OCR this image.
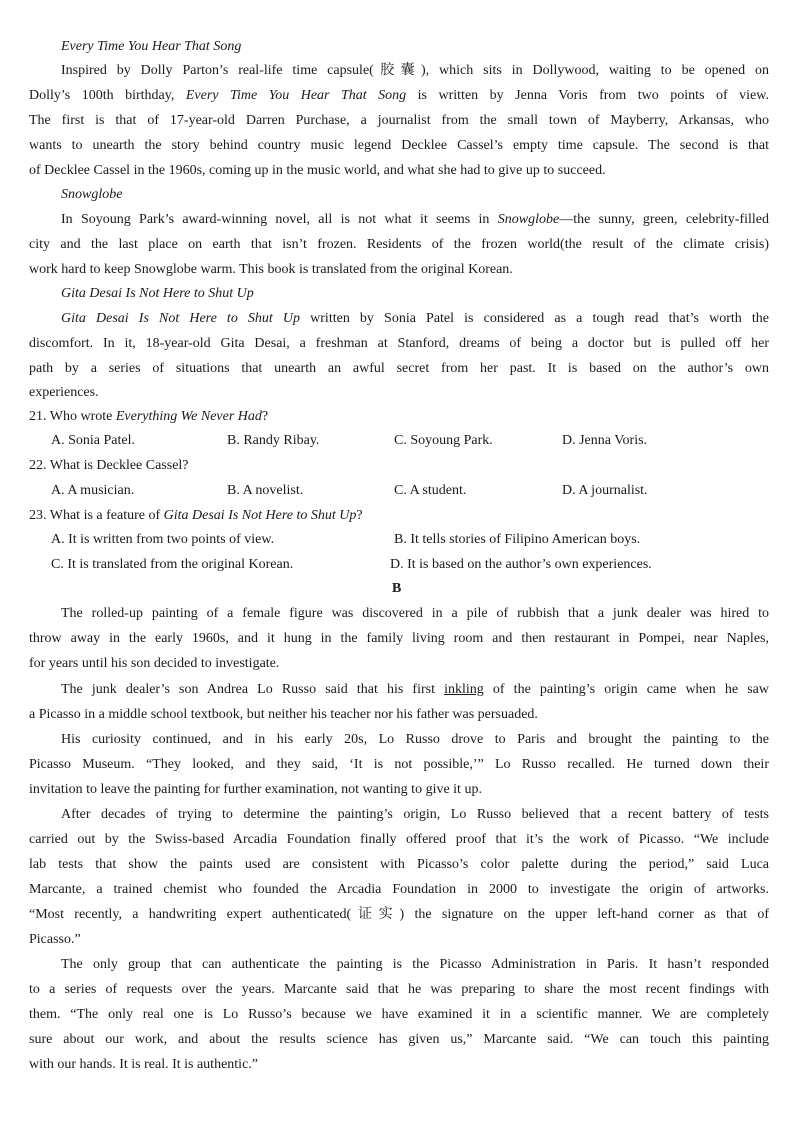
Every Time You Hear That Song
Inspired by Dolly Parton’s real-life time capsule(胶囊), which sits in Dollywood, waiting to be opened on
Dolly’s 100th birthday, Every Time You Hear That Song is written by Jenna Voris from two points of view.
The first is that of 17-year-old Darren Purchase, a journalist from the small town of Mayberry, Arkansas, who
wants to unearth the story behind country music legend Decklee Cassel’s empty time capsule. The second is that
of Decklee Cassel in the 1960s, coming up in the music world, and what she had to give up to succeed.
Snowglobe
In Soyoung Park’s award-winning novel, all is not what it seems in Snowglobe—the sunny, green, celebrity-filled
city and the last place on earth that isn’t frozen. Residents of the frozen world(the result of the climate crisis)
work hard to keep Snowglobe warm. This book is translated from the original Korean.
Gita Desai Is Not Here to Shut Up
Gita Desai Is Not Here to Shut Up written by Sonia Patel is considered as a tough read that’s worth the
discomfort. In it, 18-year-old Gita Desai, a freshman at Stanford, dreams of being a doctor but is pulled off her
path by a series of situations that unearth an awful secret from her past. It is based on the author’s own
experiences.
21. Who wrote Everything We Never Had?
A. Sonia Patel.	B. Randy Ribay.	C. Soyoung Park.	D. Jenna Voris.
22. What is Decklee Cassel?
A. A musician.	B. A novelist.	C. A student.	D. A journalist.
23. What is a feature of Gita Desai Is Not Here to Shut Up?
A. It is written from two points of view.	B. It tells stories of Filipino American boys.
C. It is translated from the original Korean.	D. It is based on the author’s own experiences.
B
The rolled-up painting of a female figure was discovered in a pile of rubbish that a junk dealer was hired to
throw away in the early 1960s, and it hung in the family living room and then restaurant in Pompei, near Naples,
for years until his son decided to investigate.
The junk dealer’s son Andrea Lo Russo said that his first inkling of the painting’s origin came when he saw
a Picasso in a middle school textbook, but neither his teacher nor his father was persuaded.
His curiosity continued, and in his early 20s, Lo Russo drove to Paris and brought the painting to the
Picasso Museum. “They looked, and they said, ‘It is not possible,’” Lo Russo recalled. He turned down their
invitation to leave the painting for further examination, not wanting to give it up.
After decades of trying to determine the painting’s origin, Lo Russo believed that a recent battery of tests
carried out by the Swiss-based Arcadia Foundation finally offered proof that it’s the work of Picasso. “We include
lab tests that show the paints used are consistent with Picasso’s color palette during the period,” said Luca
Marcante, a trained chemist who founded the Arcadia Foundation in 2000 to investigate the origin of artworks.
“Most recently, a handwriting expert authenticated(证实) the signature on the upper left-hand corner as that of
Picasso.”
The only group that can authenticate the painting is the Picasso Administration in Paris. It hasn’t responded
to a series of requests over the years. Marcante said that he was preparing to share the most recent findings with
them. “The only real one is Lo Russo’s because we have examined it in a scientific manner. We are completely
sure about our work, and about the results science has given us,” Marcante said. “We can touch this painting
with our hands. It is real. It is authentic.”
